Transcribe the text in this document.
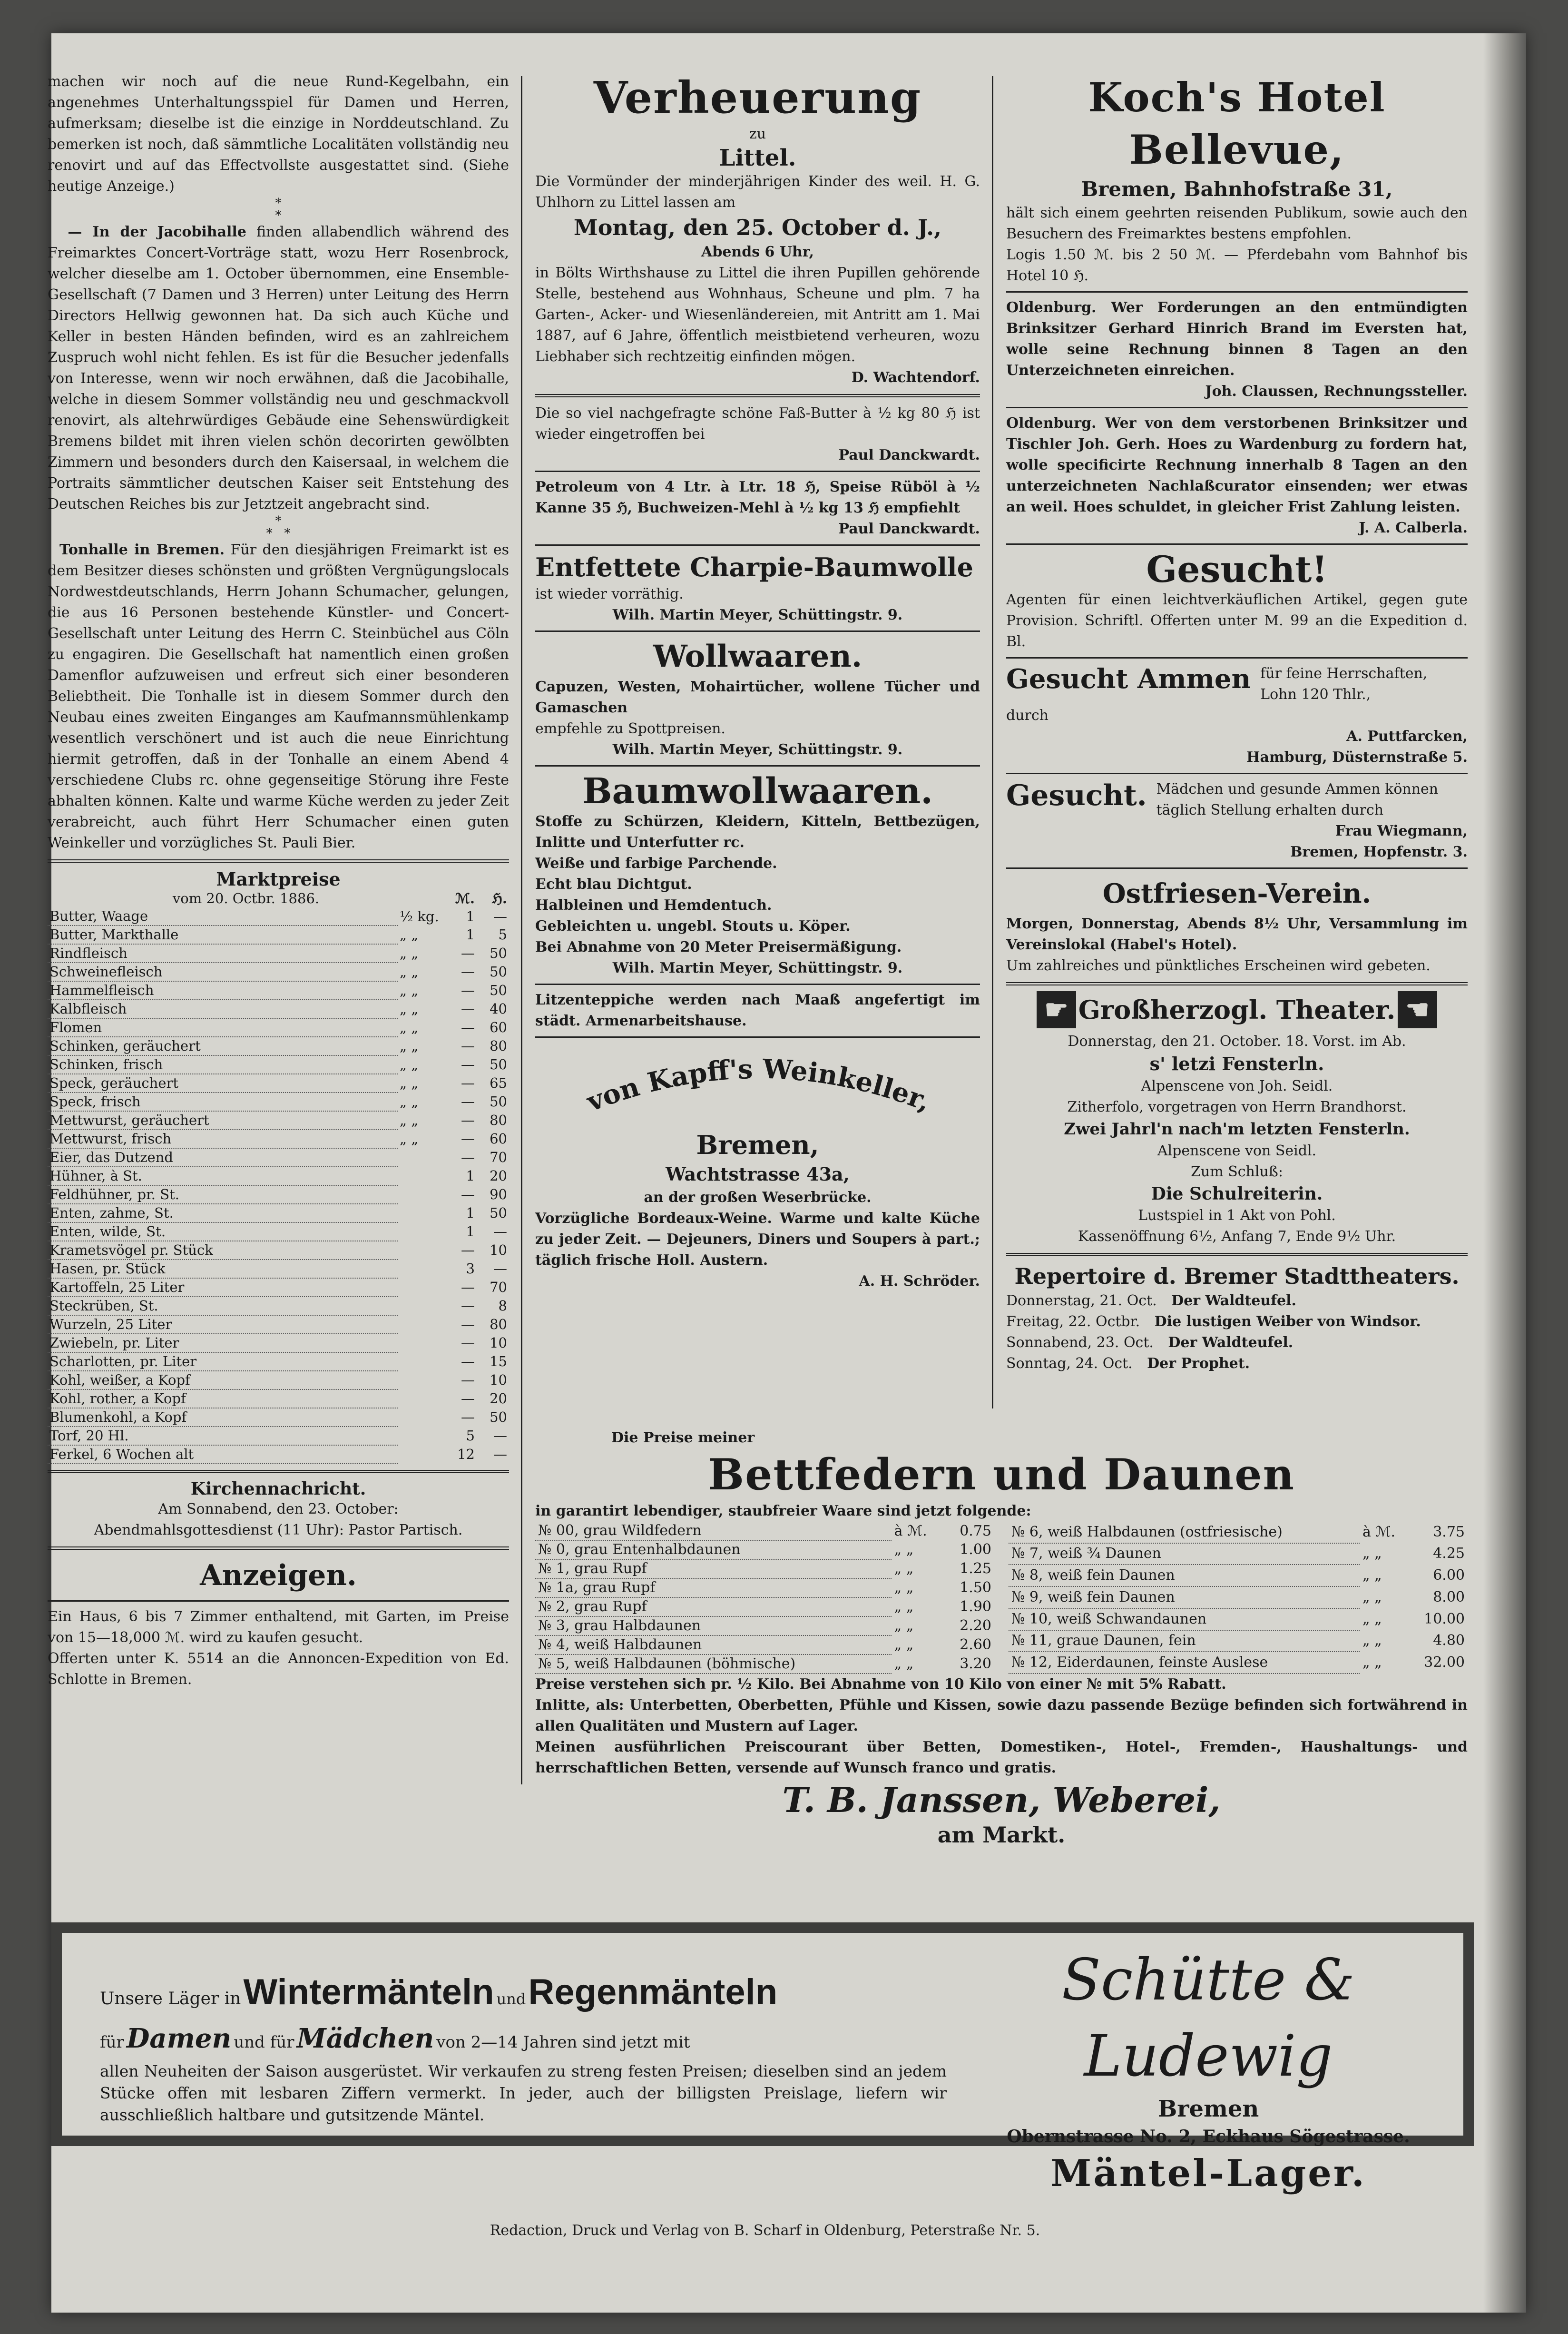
machen wir noch auf die neue Rund-Kegelbahn, ein angenehmes Unterhaltungsspiel für Damen und Herren, aufmerksam; dieselbe ist die einzige in Norddeutschland. Zu bemerken ist noch, daß sämmtliche Localitäten vollständig neu renovirt und auf das Effectvollste ausgestattet sind. (Siehe heutige Anzeige.)

*
*

— In der Jacobihalle finden allabendlich während des Freimarktes Concert-Vorträge statt, wozu Herr Rosenbrock, welcher dieselbe am 1. October übernommen, eine Ensemble-Gesellschaft (7 Damen und 3 Herren) unter Leitung des Herrn Directors Hellwig gewonnen hat. Da sich auch Küche und Keller in besten Händen befinden, wird es an zahlreichem Zuspruch wohl nicht fehlen. Es ist für die Besucher jedenfalls von Interesse, wenn wir noch erwähnen, daß die Jacobihalle, welche in diesem Sommer vollständig neu und geschmackvoll renovirt, als altehrwürdiges Gebäude eine Sehenswürdigkeit Bremens bildet mit ihren vielen schön decorirten gewölbten Zimmern und besonders durch den Kaisersaal, in welchem die Portraits sämmtlicher deutschen Kaiser seit Entstehung des Deutschen Reiches bis zur Jetztzeit angebracht sind.

*
*   *

Tonhalle in Bremen. Für den diesjährigen Freimarkt ist es dem Besitzer dieses schönsten und größten Vergnügungslocals Nordwestdeutschlands, Herrn Johann Schumacher, gelungen, die aus 16 Personen bestehende Künstler- und Concert-Gesellschaft unter Leitung des Herrn C. Steinbüchel aus Cöln zu engagiren. Die Gesellschaft hat namentlich einen großen Damenflor aufzuweisen und erfreut sich einer besonderen Beliebtheit. Die Tonhalle ist in diesem Sommer durch den Neubau eines zweiten Einganges am Kaufmannsmühlenkamp wesentlich verschönert und ist auch die neue Einrichtung hiermit getroffen, daß in der Tonhalle an einem Abend 4 verschiedene Clubs rc. ohne gegenseitige Störung ihre Feste abhalten können. Kalte und warme Küche werden zu jeder Zeit verabreicht, auch führt Herr Schumacher einen guten Weinkeller und vorzügliches St. Pauli Bier.

Marktpreise
vom 20. Octbr. 1886.		ℳ.	ℌ.
Butter, Waage	½ kg.	1	—
Butter, Markthalle	„ „	1	5
Rindfleisch	„ „	—	50
Schweinefleisch	„ „	—	50
Hammelfleisch	„ „	—	50
Kalbfleisch	„ „	—	40
Flomen	„ „	—	60
Schinken, geräuchert	„ „	—	80
Schinken, frisch	„ „	—	50
Speck, geräuchert	„ „	—	65
Speck, frisch	„ „	—	50
Mettwurst, geräuchert	„ „	—	80
Mettwurst, frisch	„ „	—	60
Eier, das Dutzend		—	70
Hühner, à St.		1	20
Feldhühner, pr. St.		—	90
Enten, zahme, St.		1	50
Enten, wilde, St.		1	—
Krametsvögel pr. Stück		—	10
Hasen, pr. Stück		3	—
Kartoffeln, 25 Liter		—	70
Steckrüben, St.		—	8
Wurzeln, 25 Liter		—	80
Zwiebeln, pr. Liter		—	10
Scharlotten, pr. Liter		—	15
Kohl, weißer, a Kopf		—	10
Kohl, rother, a Kopf		—	20
Blumenkohl, a Kopf		—	50
Torf, 20 Hl.		5	—
Ferkel, 6 Wochen alt		12	—
Kirchennachricht.
Am Sonnabend, den 23. October:
Abendmahlsgottesdienst (11 Uhr): Pastor Partisch.
Anzeigen.

Ein Haus, 6 bis 7 Zimmer enthaltend, mit Garten, im Preise von 15—18,000 ℳ. wird zu kaufen gesucht.

Offerten unter K. 5514 an die Annoncen-Expedition von Ed. Schlotte in Bremen.

Verheuerung
zu
Littel.

Die Vormünder der minderjährigen Kinder des weil. H. G. Uhlhorn zu Littel lassen am

Montag, den 25. October d. J.,
Abends 6 Uhr,

in Bölts Wirthshause zu Littel die ihren Pupillen gehörende Stelle, bestehend aus Wohnhaus, Scheune und plm. 7 ha Garten-, Acker- und Wiesenländereien, mit Antritt am 1. Mai 1887, auf 6 Jahre, öffentlich meistbietend verheuren, wozu Liebhaber sich rechtzeitig einfinden mögen.

D. Wachtendorf.

Die so viel nachgefragte schöne Faß-Butter à ½ kg 80 ℌ ist wieder eingetroffen bei

Paul Danckwardt.

Petroleum von 4 Ltr. à Ltr. 18 ℌ, Speise Rüböl à ½ Kanne 35 ℌ, Buchweizen-Mehl à ½ kg 13 ℌ empfiehlt

Paul Danckwardt.
Entfettete Charpie-Baumwolle

ist wieder vorräthig.

Wilh. Martin Meyer, Schüttingstr. 9.
Wollwaaren.

Capuzen, Westen, Mohairtücher, wollene Tücher und Gamaschen

empfehle zu Spottpreisen.

Wilh. Martin Meyer, Schüttingstr. 9.
Baumwollwaaren.

Stoffe zu Schürzen, Kleidern, Kitteln, Bettbezügen, Inlitte und Unterfutter rc.

Weiße und farbige Parchende.
Echt blau Dichtgut.
Halbleinen und Hemdentuch.
Gebleichten u. ungebl. Stouts u. Köper.

Bei Abnahme von 20 Meter Preisermäßigung.

Wilh. Martin Meyer, Schüttingstr. 9.

Litzenteppiche werden nach Maaß angefertigt im städt. Armenarbeitshause.

von Kapff's Weinkeller,
Bremen,
Wachtstrasse 43a,
an der großen Weserbrücke.

Vorzügliche Bordeaux-Weine. Warme und kalte Küche zu jeder Zeit. — Dejeuners, Diners und Soupers à part.; täglich frische Holl. Austern.

A. H. Schröder.
Koch's Hotel Bellevue,
Bremen, Bahnhofstraße 31,

hält sich einem geehrten reisenden Publikum, sowie auch den Besuchern des Freimarktes bestens empfohlen.

Logis 1.50 ℳ. bis 2 50 ℳ. — Pferdebahn vom Bahnhof bis Hotel 10 ℌ.

Oldenburg. Wer Forderungen an den entmündigten Brinksitzer Gerhard Hinrich Brand im Eversten hat, wolle seine Rechnung binnen 8 Tagen an den Unterzeichneten einreichen.

Joh. Claussen, Rechnungssteller.

Oldenburg. Wer von dem verstorbenen Brinksitzer und Tischler Joh. Gerh. Hoes zu Wardenburg zu fordern hat, wolle specificirte Rechnung innerhalb 8 Tagen an den unterzeichneten Nachlaßcurator einsenden; wer etwas an weil. Hoes schuldet, in gleicher Frist Zahlung leisten.

J. A. Calberla.
Gesucht!

Agenten für einen leichtverkäuflichen Artikel, gegen gute Provision. Schriftl. Offerten unter M. 99 an die Expedition d. Bl.

Gesucht Ammen für feine Herrschaften, Lohn 120 Thlr.,
durch
A. Puttfarcken,
Hamburg, Düsternstraße 5.
Gesucht. Mädchen und gesunde Ammen können täglich Stellung erhalten durch
Frau Wiegmann,
Bremen, Hopfenstr. 3.
Ostfriesen-Verein.

Morgen, Donnerstag, Abends 8½ Uhr, Versammlung im Vereinslokal (Habel's Hotel).

Um zahlreiches und pünktliches Erscheinen wird gebeten.

☛ Großherzogl. Theater. ☚
Donnerstag, den 21. October. 18. Vorst. im Ab.
s' letzi Fensterln.
Alpenscene von Joh. Seidl.
Zitherfolo, vorgetragen von Herrn Brandhorst.
Zwei Jahrl'n nach'm letzten Fensterln.
Alpenscene von Seidl.
Zum Schluß:
Die Schulreiterin.
Lustspiel in 1 Akt von Pohl.
Kassenöffnung 6½, Anfang 7, Ende 9½ Uhr.
Repertoire d. Bremer Stadttheaters.
Donnerstag, 21. Oct. Der Waldteufel.
Freitag, 22. Octbr. Die lustigen Weiber von Windsor.
Sonnabend, 23. Oct. Der Waldteufel.
Sonntag, 24. Oct. Der Prophet.
Die Preise meiner
Bettfedern und Daunen
in garantirt lebendiger, staubfreier Waare sind jetzt folgende:
№ 00, grau Wildfedern	à ℳ.	0.75
№ 0, grau Entenhalbdaunen	„ „	1.00
№ 1, grau Rupf	„ „	1.25
№ 1a, grau Rupf	„ „	1.50
№ 2, grau Rupf	„ „	1.90
№ 3, grau Halbdaunen	„ „	2.20
№ 4, weiß Halbdaunen	„ „	2.60
№ 5, weiß Halbdaunen (böhmische)	„ „	3.20
№ 6, weiß Halbdaunen (ostfriesische)	à ℳ.	3.75
№ 7, weiß ¾ Daunen	„ „	4.25
№ 8, weiß fein Daunen	„ „	6.00
№ 9, weiß fein Daunen	„ „	8.00
№ 10, weiß Schwandaunen	„ „	10.00
№ 11, graue Daunen, fein	„ „	4.80
№ 12, Eiderdaunen, feinste Auslese	„ „	32.00

Preise verstehen sich pr. ½ Kilo. Bei Abnahme von 10 Kilo von einer № mit 5% Rabatt.

Inlitte, als: Unterbetten, Oberbetten, Pfühle und Kissen, sowie dazu passende Bezüge befinden sich fortwährend in allen Qualitäten und Mustern auf Lager.

Meinen ausführlichen Preiscourant über Betten, Domestiken-, Hotel-, Fremden-, Haushaltungs- und herrschaftlichen Betten, versende auf Wunsch franco und gratis.

T. B. Janssen, Weberei,
am Markt.
Unsere Läger in Wintermänteln und Regenmänteln
für Damen und für Mädchen von 2—14 Jahren sind jetzt mit

allen Neuheiten der Saison ausgerüstet. Wir verkaufen zu streng festen Preisen; dieselben sind an jedem Stücke offen mit lesbaren Ziffern vermerkt. In jeder, auch der billigsten Preislage, liefern wir ausschließlich haltbare und gutsitzende Mäntel.

Schütte & Ludewig
Bremen
Obernstrasse No. 2, Eckhaus Sögestrasse.
Mäntel-Lager.
Redaction, Druck und Verlag von B. Scharf in Oldenburg, Peterstraße Nr. 5.
